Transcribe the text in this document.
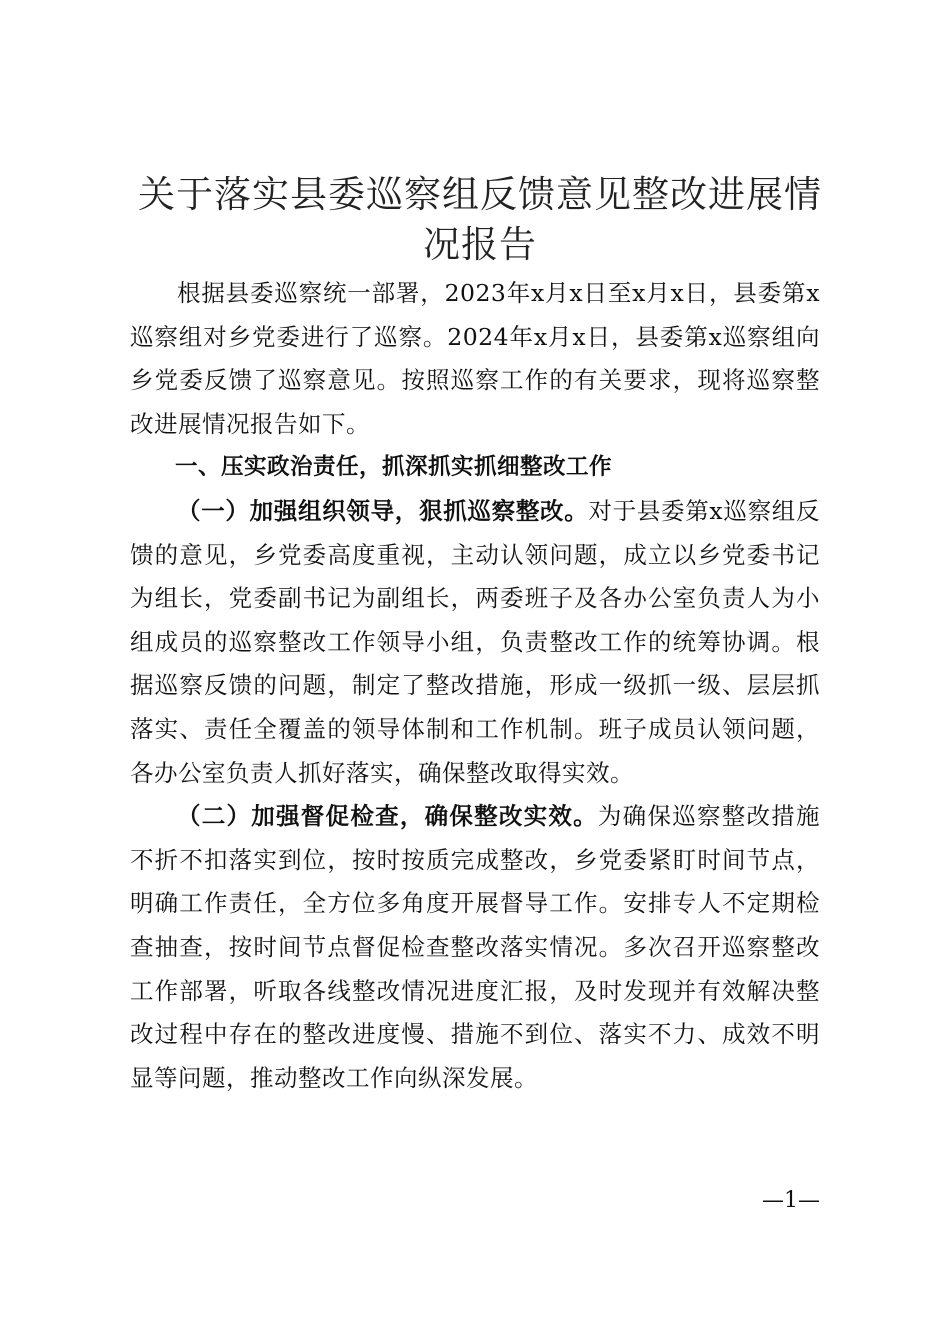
关于落实县委巡察组反馈意见整改进展情况报告

根据县委巡察统一部署，2023年x月x日至x月x日，县委第x巡察组对乡党委进行了巡察。2024年x月x日，县委第x巡察组向乡党委反馈了巡察意见。按照巡察工作的有关要求，现将巡察整改进展情况报告如下。

一、压实政治责任，抓深抓实抓细整改工作

（一）加强组织领导，狠抓巡察整改。对于县委第x巡察组反馈的意见，乡党委高度重视，主动认领问题，成立以乡党委书记为组长，党委副书记为副组长，两委班子及各办公室负责人为小组成员的巡察整改工作领导小组，负责整改工作的统筹协调。根据巡察反馈的问题，制定了整改措施，形成一级抓一级、层层抓落实、责任全覆盖的领导体制和工作机制。班子成员认领问题，各办公室负责人抓好落实，确保整改取得实效。

（二）加强督促检查，确保整改实效。为确保巡察整改措施不折不扣落实到位，按时按质完成整改，乡党委紧盯时间节点，明确工作责任，全方位多角度开展督导工作。安排专人不定期检查抽查，按时间节点督促检查整改落实情况。多次召开巡察整改工作部署，听取各线整改情况进度汇报，及时发现并有效解决整改过程中存在的整改进度慢、措施不到位、落实不力、成效不明显等问题，推动整改工作向纵深发展。

—1—
